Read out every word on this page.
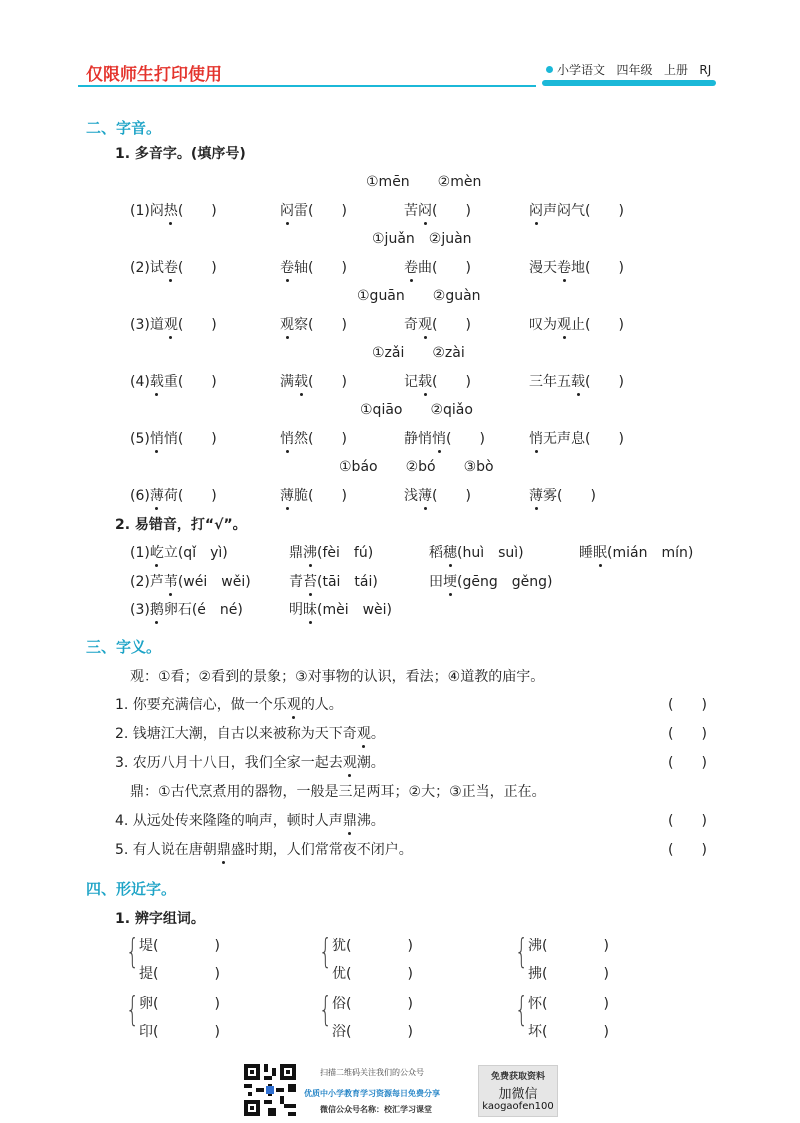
仅限师生打印使用	小学语文 四年级 上册 RJ
二、字音。
1. 多音字。(填序号)
①mēn　　②mèn
(1)闷热(　　)	闷雷(　　)	苦闷(　　)	闷声闷气(　　)
①juǎn　②juàn
(2)试卷(　　)	卷轴(　　)	卷曲(　　)	漫天卷地(　　)
①guān　　②guàn
(3)道观(　　)	观察(　　)	奇观(　　)	叹为观止(　　)
①zǎi　　②zài
(4)载重(　　)	满载(　　)	记载(　　)	三年五载(　　)
①qiāo　　②qiǎo
(5)悄悄(　　)	悄然(　　)	静悄悄(　　)	悄无声息(　　)
①báo　　②bó　　③bò
(6)薄荷(　　)	薄脆(　　)	浅薄(　　)	薄雾(　　)
2. 易错音，打“√”。
(1)屹立(qǐ　yì)	鼎沸(fèi　fú)	稻穗(huì　suì)	睡眠(mián　mín)
(2)芦苇(wéi　wěi)	青苔(tāi　tái)	田埂(gēng　gěng)
(3)鹅卵石(é　né)	明昧(mèi　wèi)
三、字义。
观：①看；②看到的景象；③对事物的认识，看法；④道教的庙宇。
1. 你要充满信心，做一个乐观的人。	(　　)
2. 钱塘江大潮，自古以来被称为天下奇观。	(　　)
3. 农历八月十八日，我们全家一起去观潮。	(　　)
鼎：①古代烹煮用的器物，一般是三足两耳；②大；③正当，正在。
4. 从远处传来隆隆的响声，顿时人声鼎沸。	(　　)
5. 有人说在唐朝鼎盛时期，人们常常夜不闭户。	(　　)
四、形近字。
1. 辨字组词。
{ 堤(　　　　)
提(　　　　)
{ 犹(　　　　)
优(　　　　)
{ 沸(　　　　)
拂(　　　　)
{ 卵(　　　　)
印(　　　　)
{ 俗(　　　　)
浴(　　　　)
{ 怀(　　　　)
坏(　　　　)
扫描二维码关注我们的公众号
优质中小学教育学习资源每日免费分享
微信公众号名称：校汇学习课堂
免费获取资料
加微信
kaogaofen100
